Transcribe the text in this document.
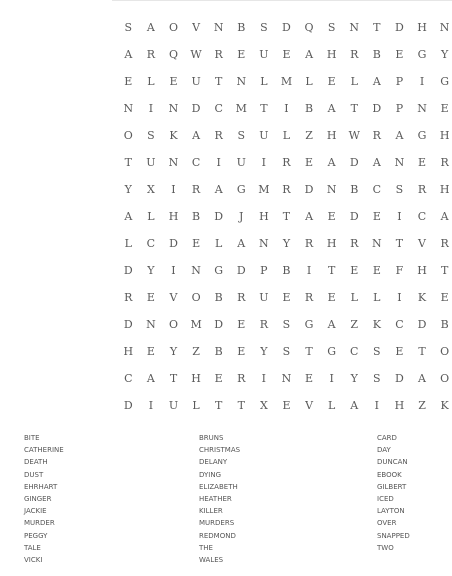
S	A	O	V	N	B	S	D	Q	S	N	T	D	H	N
A	R	Q	W	R	E	U	E	A	H	R	B	E	G	Y
E	L	E	U	T	N	L	M	L	E	L	A	P	I	G
N	I	N	D	C	M	T	I	B	A	T	D	P	N	E
O	S	K	A	R	S	U	L	Z	H	W	R	A	G	H
T	U	N	C	I	U	I	R	E	A	D	A	N	E	R
Y	X	I	R	A	G	M	R	D	N	B	C	S	R	H
A	L	H	B	D	J	H	T	A	E	D	E	I	C	A
L	C	D	E	L	A	N	Y	R	H	R	N	T	V	R
D	Y	I	N	G	D	P	B	I	T	E	E	F	H	T
R	E	V	O	B	R	U	E	R	E	L	L	I	K	E
D	N	O	M	D	E	R	S	G	A	Z	K	C	D	B
H	E	Y	Z	B	E	Y	S	T	G	C	S	E	T	O
C	A	T	H	E	R	I	N	E	I	Y	S	D	A	O
D	I	U	L	T	T	X	E	V	L	A	I	H	Z	K
BITE
CATHERINE
DEATH
DUST
EHRHART
GINGER
JACKIE
MURDER
PEGGY
TALE
VICKI
BRUNS
CHRISTMAS
DELANY
DYING
ELIZABETH
HEATHER
KILLER
MURDERS
REDMOND
THE
WALES
CARD
DAY
DUNCAN
EBOOK
GILBERT
ICED
LAYTON
OVER
SNAPPED
TWO
